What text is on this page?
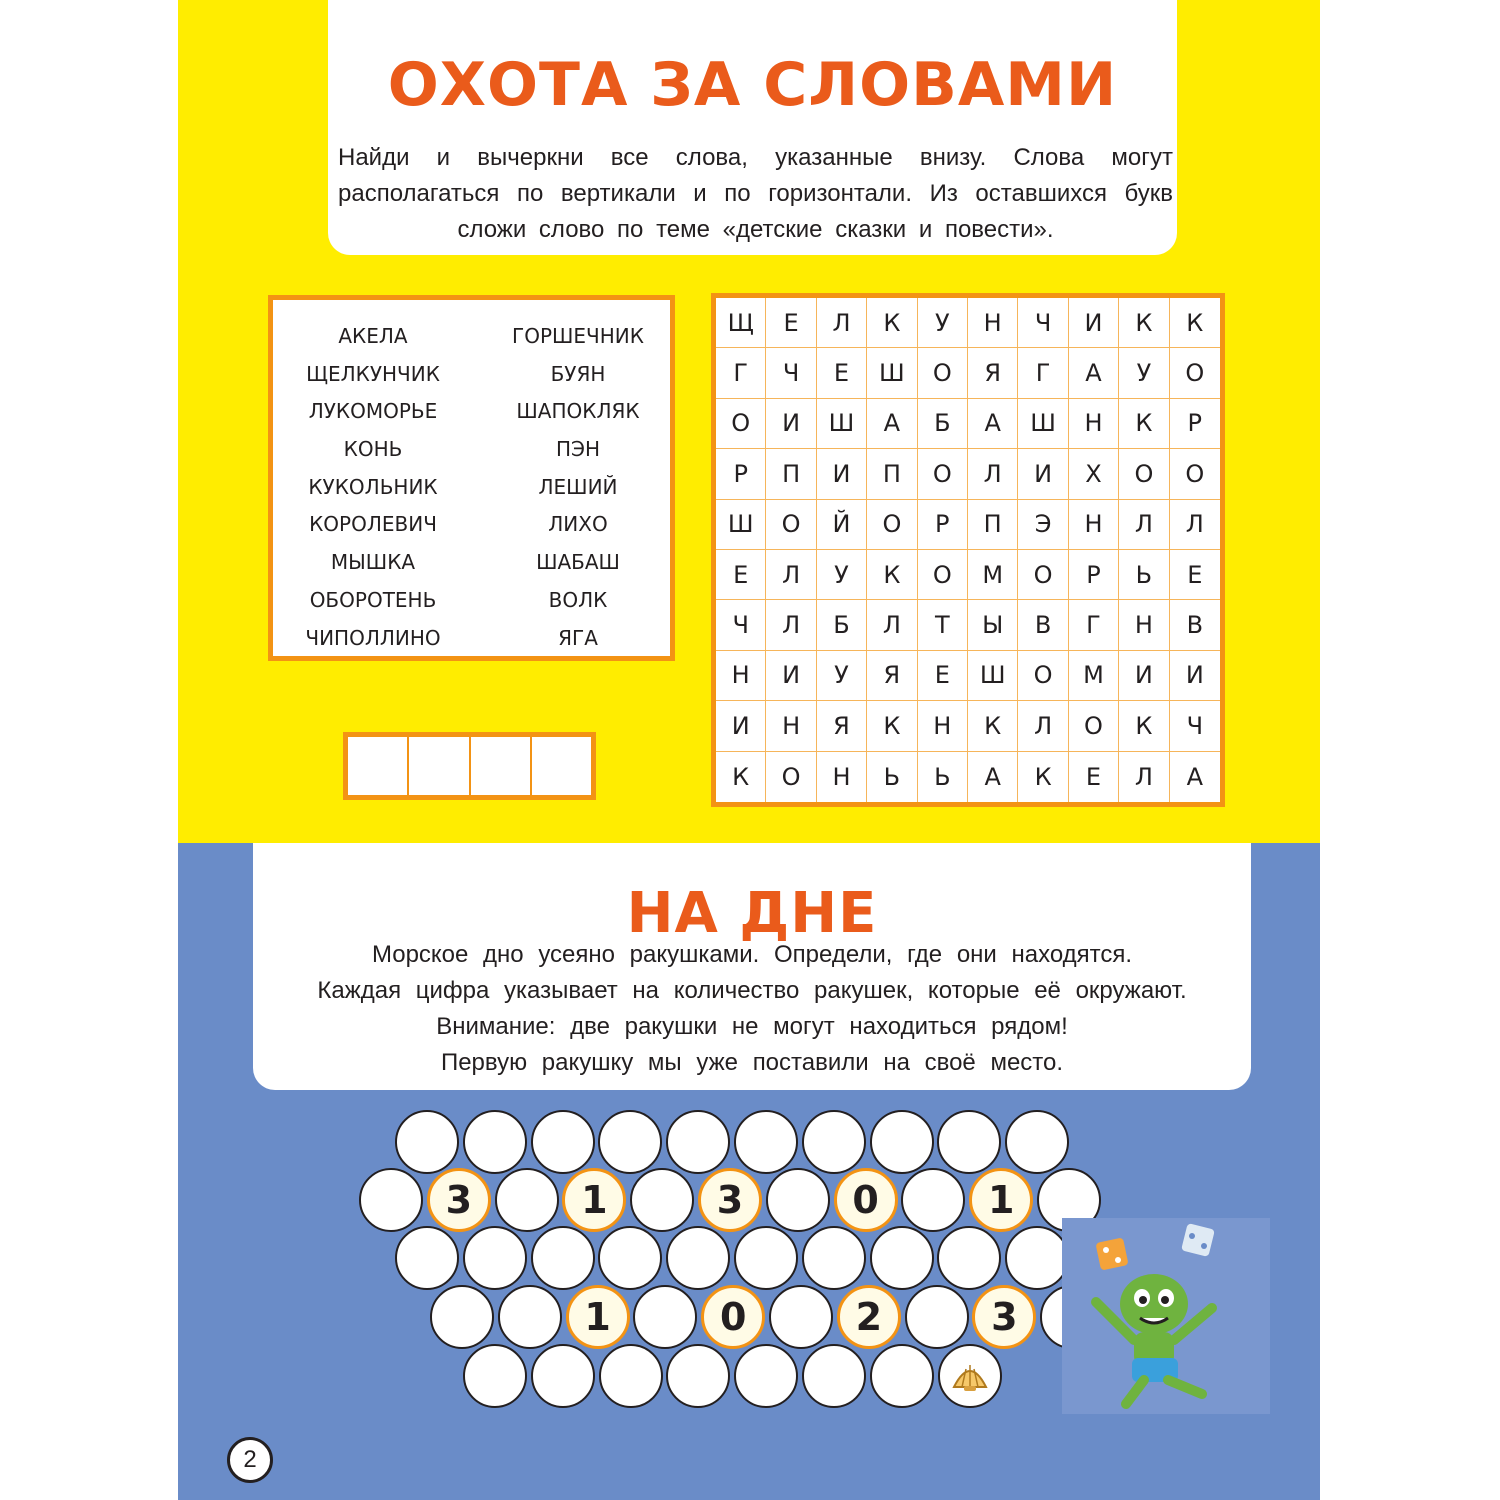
ОХОТА ЗА СЛОВАМИ
Найди и вычеркни все слова, указанные внизу. Слова могут располагаться по вертикали и по горизонтали. Из оставшихся букв сложи слово по теме «детские сказки и повести».
АКЕЛА
ЩЕЛКУНЧИК
ЛУКОМОРЬЕ
КОНЬ
КУКОЛЬНИК
КОРОЛЕВИЧ
МЫШКА
ОБОРОТЕНЬ
ЧИПОЛЛИНО
ГОРШЕЧНИК
БУЯН
ШАПОКЛЯК
ПЭН
ЛЕШИЙ
ЛИХО
ШАБАШ
ВОЛК
ЯГА
Щ	Е	Л	К	У	Н	Ч	И	К	К
Г	Ч	Е	Ш	О	Я	Г	А	У	О
О	И	Ш	А	Б	А	Ш	Н	К	Р
Р	П	И	П	О	Л	И	Х	О	О
Ш	О	Й	О	Р	П	Э	Н	Л	Л
Е	Л	У	К	О	М	О	Р	Ь	Е
Ч	Л	Б	Л	Т	Ы	В	Г	Н	В
Н	И	У	Я	Е	Ш	О	М	И	И
И	Н	Я	К	Н	К	Л	О	К	Ч
К	О	Н	Ь	Ь	А	К	Е	Л	А
НА ДНЕ
Морское дно усеяно ракушками. Определи, где они находятся.
Каждая цифра указывает на количество ракушек, которые её окружают.
Внимание: две ракушки не могут находиться рядом!
Первую ракушку мы уже поставили на своё место.
3	1	3	0	1
1	0	2	3
2
